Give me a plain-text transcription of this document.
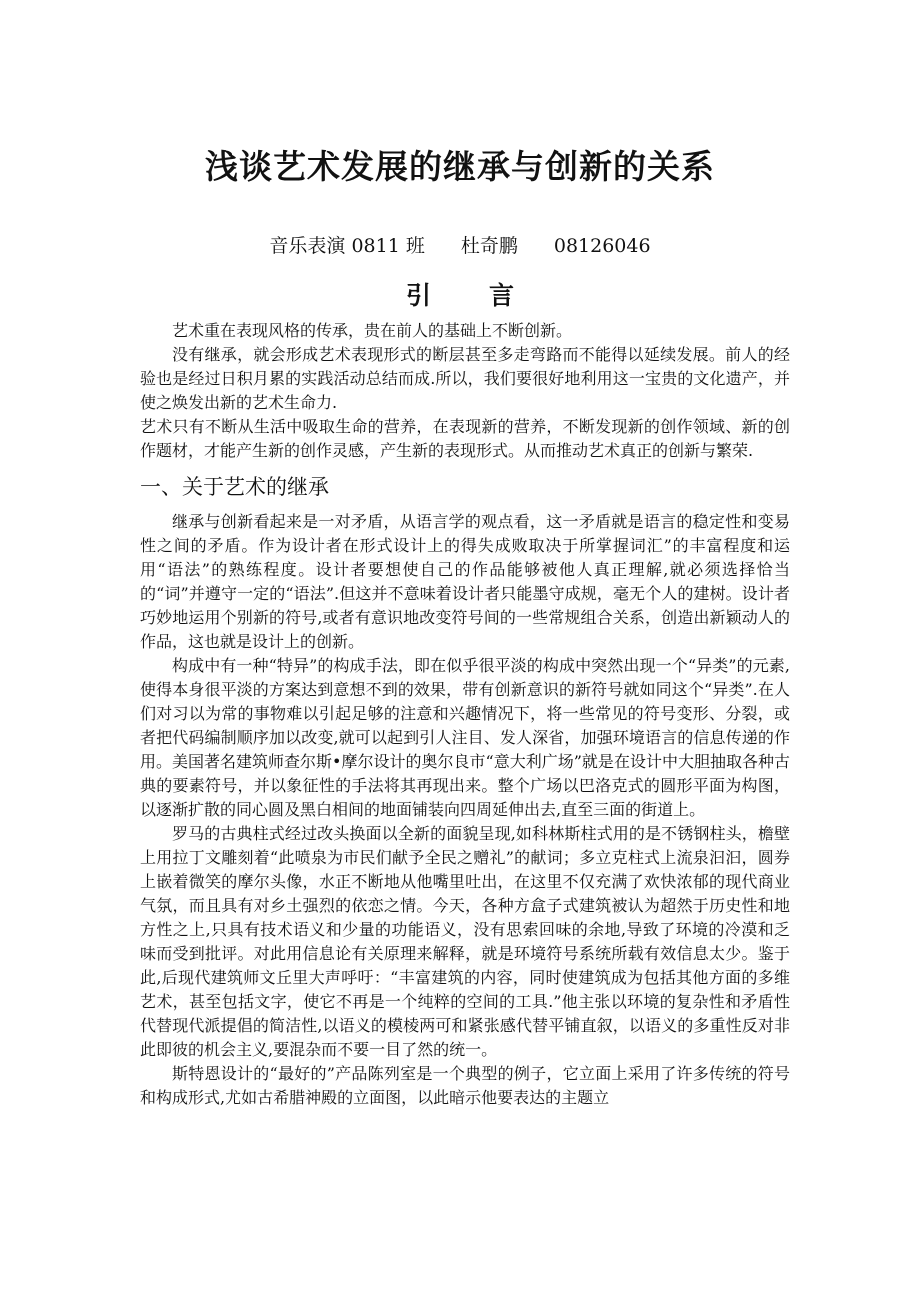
浅谈艺术发展的继承与创新的关系
音乐表演 0811 班 杜奇鹏 08126046
引言

艺术重在表现风格的传承，贵在前人的基础上不断创新。

没有继承，就会形成艺术表现形式的断层甚至多走弯路而不能得以延续发展。前人的经验也是经过日积月累的实践活动总结而成.所以，我们要很好地利用这一宝贵的文化遗产，并使之焕发出新的艺术生命力.

艺术只有不断从生活中吸取生命的营养，在表现新的营养，不断发现新的创作领域、新的创作题材，才能产生新的创作灵感，产生新的表现形式。从而推动艺术真正的创新与繁荣.

一、关于艺术的继承

继承与创新看起来是一对矛盾，从语言学的观点看，这一矛盾就是语言的稳定性和变易性之间的矛盾。作为设计者在形式设计上的得失成败取决于所掌握词汇”的丰富程度和运用“语法”的熟练程度。设计者要想使自己的作品能够被他人真正理解,就必须选择恰当的“词”并遵守一定的“语法”.但这并不意味着设计者只能墨守成规，毫无个人的建树。设计者巧妙地运用个别新的符号,或者有意识地改变符号间的一些常规组合关系，创造出新颖动人的作品，这也就是设计上的创新。

构成中有一种“特异”的构成手法，即在似乎很平淡的构成中突然出现一个“异类”的元素,使得本身很平淡的方案达到意想不到的效果，带有创新意识的新符号就如同这个“异类”.在人们对习以为常的事物难以引起足够的注意和兴趣情况下，将一些常见的符号变形、分裂，或者把代码编制顺序加以改变,就可以起到引人注目、发人深省，加强环境语言的信息传递的作用。美国著名建筑师查尔斯•摩尔设计的奥尔良市“意大利广场”就是在设计中大胆抽取各种古典的要素符号，并以象征性的手法将其再现出来。整个广场以巴洛克式的圆形平面为构图，以逐渐扩散的同心圆及黑白相间的地面铺装向四周延伸出去,直至三面的街道上。

罗马的古典柱式经过改头换面以全新的面貌呈现,如科林斯柱式用的是不锈钢柱头，檐壁上用拉丁文雕刻着“此喷泉为市民们献予全民之赠礼”的献词；多立克柱式上流泉汩汩，圆券上嵌着微笑的摩尔头像，水正不断地从他嘴里吐出，在这里不仅充满了欢快浓郁的现代商业气氛，而且具有对乡土强烈的依恋之情。今天，各种方盒子式建筑被认为超然于历史性和地方性之上,只具有技术语义和少量的功能语义，没有思索回味的余地,导致了环境的冷漠和乏味而受到批评。对此用信息论有关原理来解释，就是环境符号系统所载有效信息太少。鉴于此,后现代建筑师文丘里大声呼吁：“丰富建筑的内容，同时使建筑成为包括其他方面的多维艺术，甚至包括文字，使它不再是一个纯粹的空间的工具.”他主张以环境的复杂性和矛盾性代替现代派提倡的简洁性,以语义的模棱两可和紧张感代替平铺直叙，以语义的多重性反对非此即彼的机会主义,要混杂而不要一目了然的统一。

斯特恩设计的“最好的”产品陈列室是一个典型的例子，它立面上采用了许多传统的符号和构成形式,尤如古希腊神殿的立面图，以此暗示他要表达的主题立
